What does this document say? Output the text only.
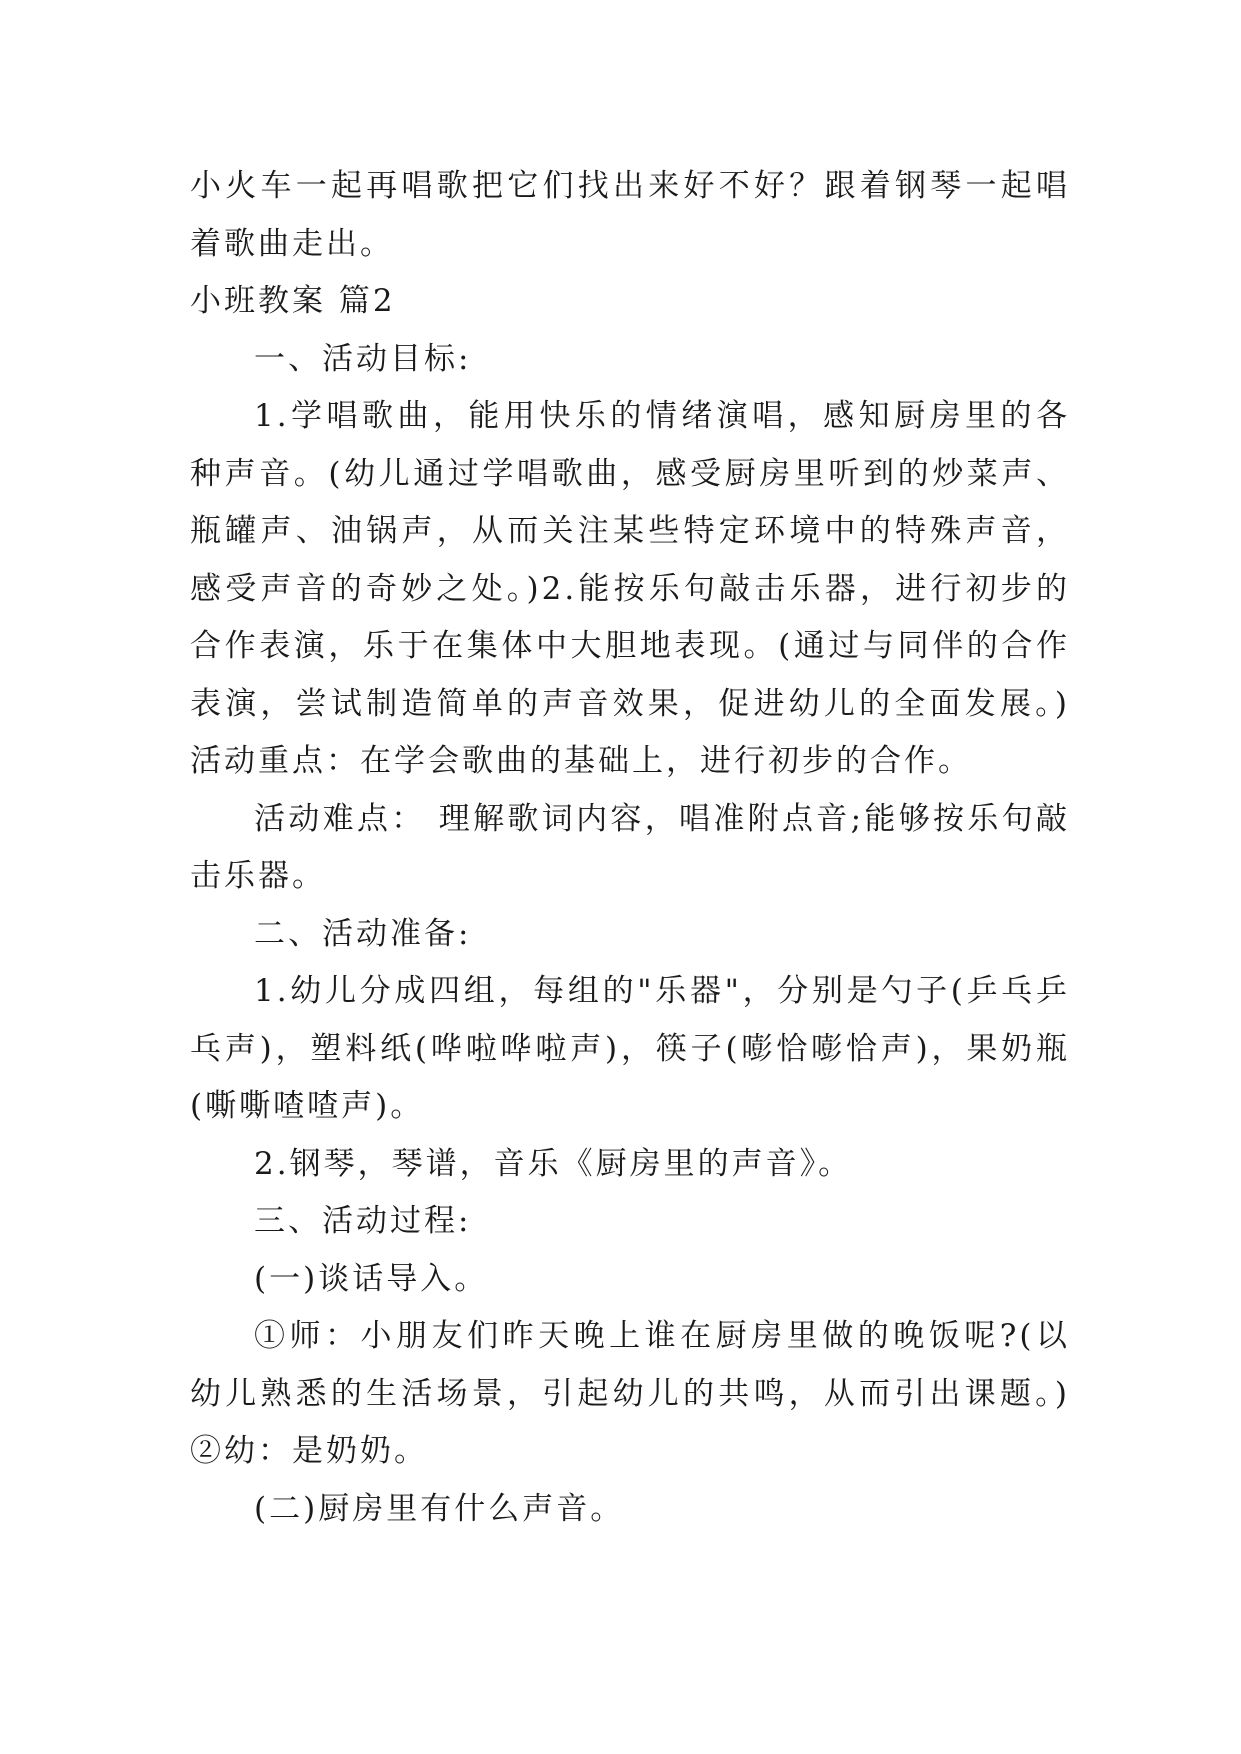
小火车一起再唱歌把它们找出来好不好？跟着钢琴一起唱着歌曲走出。

小班教案 篇2

一、活动目标:

1.学唱歌曲，能用快乐的情绪演唱，感知厨房里的各种声音。(幼儿通过学唱歌曲，感受厨房里听到的炒菜声、瓶罐声、油锅声，从而关注某些特定环境中的特殊声音，感受声音的奇妙之处。)2.能按乐句敲击乐器，进行初步的合作表演，乐于在集体中大胆地表现。(通过与同伴的合作表演，尝试制造简单的声音效果，促进幼儿的全面发展。)活动重点：在学会歌曲的基础上，进行初步的合作。

活动难点： 理解歌词内容，唱准附点音;能够按乐句敲击乐器。

二、活动准备:

1.幼儿分成四组，每组的"乐器"，分别是勺子(乒乓乒乓声)，塑料纸(哗啦哗啦声)，筷子(嘭恰嘭恰声)，果奶瓶(嘶嘶喳喳声)。

2.钢琴，琴谱，音乐《厨房里的声音》。

三、活动过程:

(一)谈话导入。

①师：小朋友们昨天晚上谁在厨房里做的晚饭呢?(以幼儿熟悉的生活场景，引起幼儿的共鸣，从而引出课题。)②幼：是奶奶。

(二)厨房里有什么声音。
